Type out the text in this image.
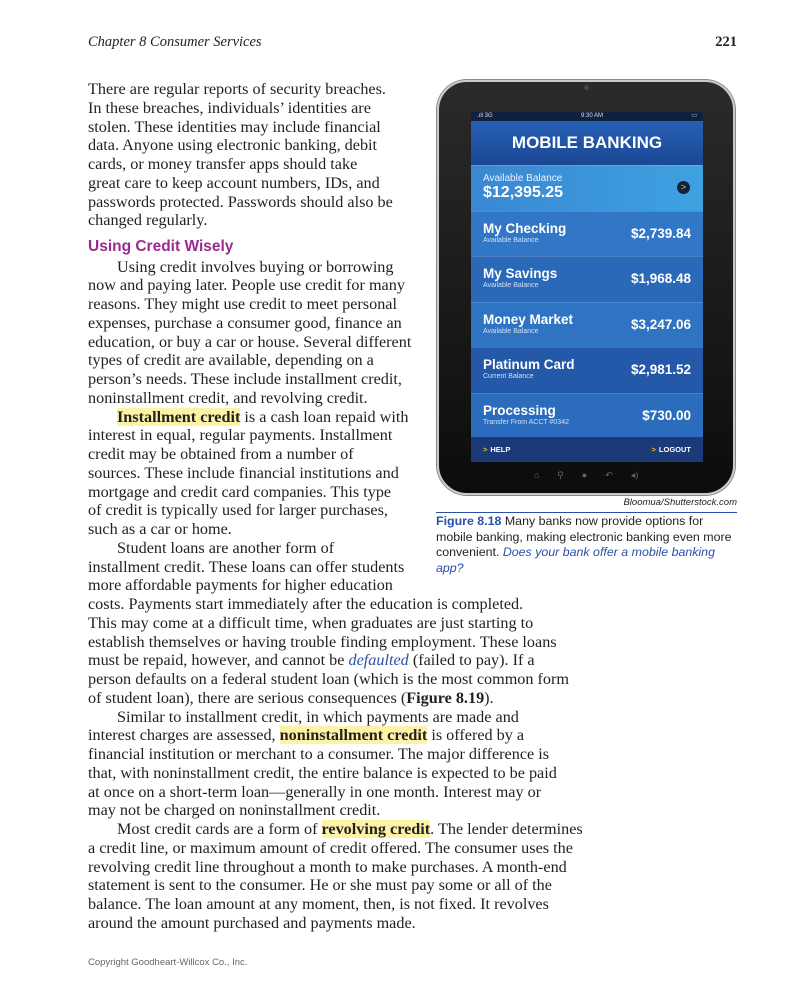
Chapter 8 Consumer Services	221
There are regular reports of security breaches.
In these breaches, individuals’ identities are
stolen. These identities may include financial
data. Anyone using electronic banking, debit
cards, or money transfer apps should take
great care to keep account numbers, IDs, and
passwords protected. Passwords should also be
changed regularly.
Using Credit Wisely
Using credit involves buying or borrowing
now and paying later. People use credit for many
reasons. They might use credit to meet personal
expenses, purchase a consumer good, finance an
education, or buy a car or house. Several different
types of credit are available, depending on a
person’s needs. These include installment credit,
noninstallment credit, and revolving credit.
Installment credit is a cash loan repaid with
interest in equal, regular payments. Installment
credit may be obtained from a number of
sources. These include financial institutions and
mortgage and credit card companies. This type
of credit is typically used for larger purchases,
such as a car or home.
Student loans are another form of
installment credit. These loans can offer students
more affordable payments for higher education
costs. Payments start immediately after the education is completed.
This may come at a difficult time, when graduates are just starting to
establish themselves or having trouble finding employment. These loans
must be repaid, however, and cannot be defaulted (failed to pay). If a
person defaults on a federal student loan (which is the most common form
of student loan), there are serious consequences (Figure 8.19).
Similar to installment credit, in which payments are made and
interest charges are assessed, noninstallment credit is offered by a
financial institution or merchant to a consumer. The major difference is
that, with noninstallment credit, the entire balance is expected to be paid
at once on a short-term loan—generally in one month. Interest may or
may not be charged on noninstallment credit.
Most credit cards are a form of revolving credit. The lender determines
a credit line, or maximum amount of credit offered. The consumer uses the
revolving credit line throughout a month to make purchases. A month-end
statement is sent to the consumer. He or she must pay some or all of the
balance. The loan amount at any moment, then, is not fixed. It revolves
around the amount purchased and payments made.
.ıll 3G	9:30 AM	▭
MOBILE BANKING
Available Balance
$12,395.25	>
My Checking
Available Balance	$2,739.84
My Savings
Available Balance	$1,968.48
Money Market
Available Balance	$3,247.06
Platinum Card
Current Balance	$2,981.52
Processing
Transfer From ACCT #0342	$730.00
> HELP	> LOGOUT
⌂ ⚲ ● ↶ ◂)
Bloomua/Shutterstock.com
Figure 8.18 Many banks now provide options for mobile banking, making electronic banking even more convenient. Does your bank offer a mobile banking app?
Copyright Goodheart-Willcox Co., Inc.
